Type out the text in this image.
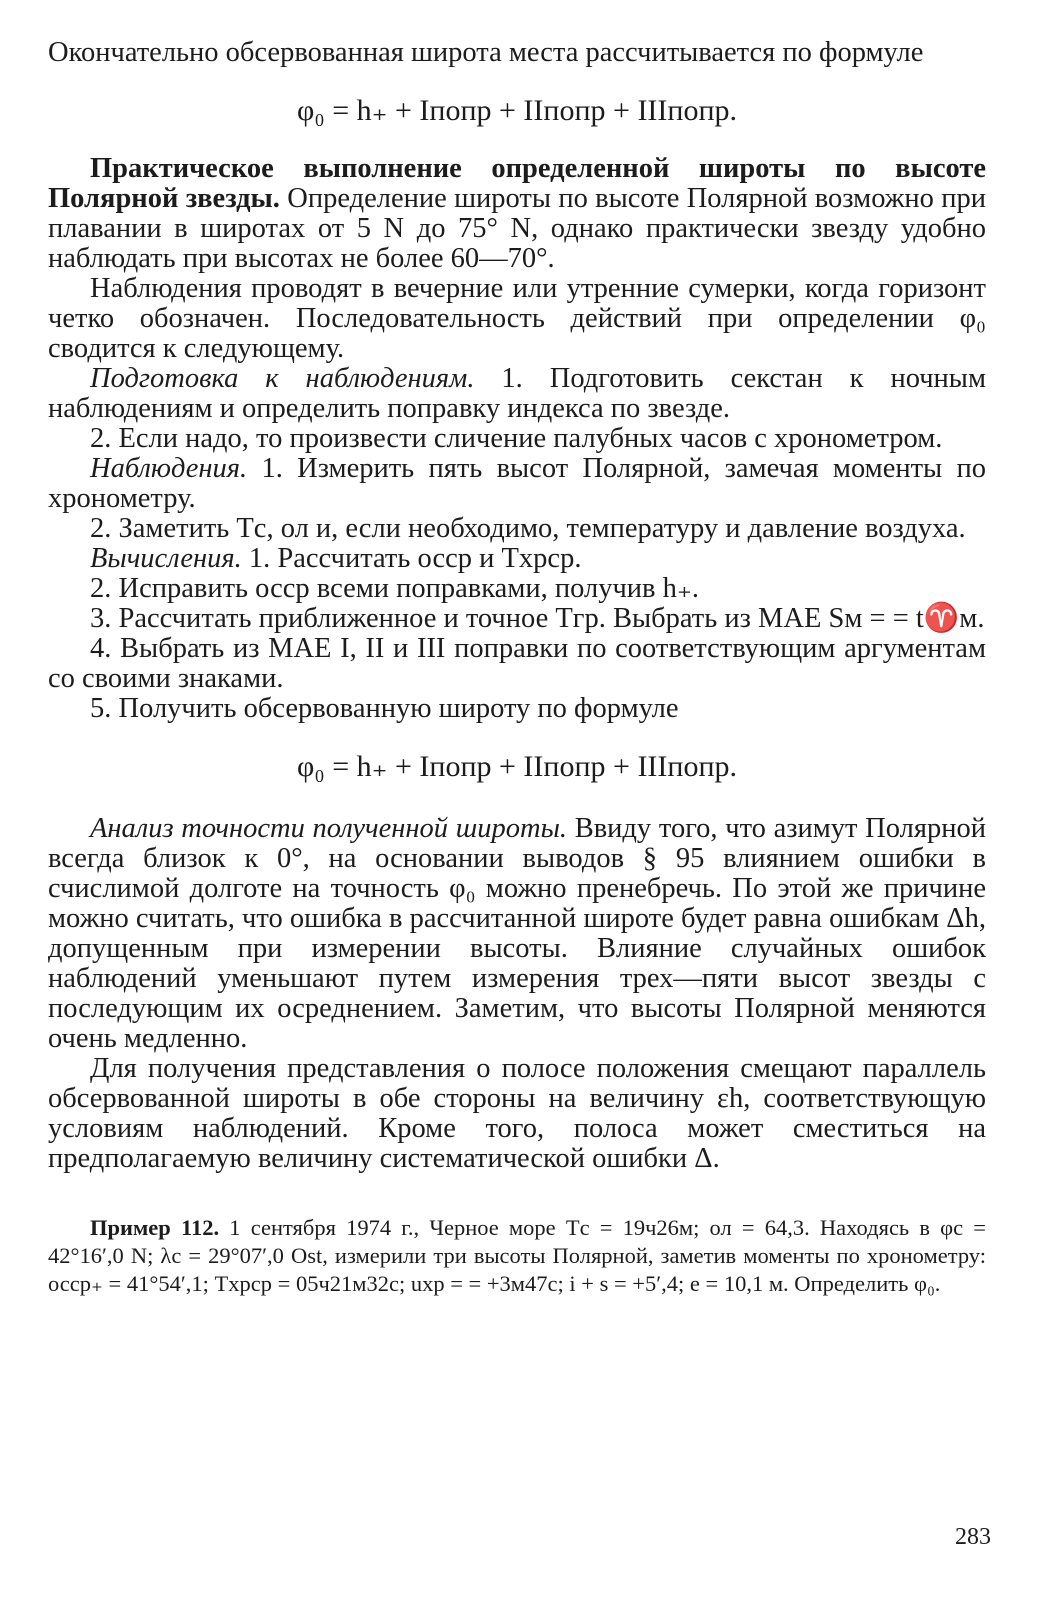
Окончательно обсервованная широта места рассчитывается по формуле

φ₀ = h₊ + Iпопр + IIпопр + IIIпопр.

Практическое выполнение определенной широты по высоте Полярной звезды. Определение широты по высоте Полярной возможно при плавании в широтах от 5 N до 75° N, однако практически звезду удобно наблюдать при высотах не более 60—70°.

Наблюдения проводят в вечерние или утренние сумерки, когда горизонт четко обозначен. Последовательность действий при определении φ₀ сводится к следующему.

Подготовка к наблюдениям. 1. Подготовить секстан к ночным наблюдениям и определить поправку индекса по звезде.

2. Если надо, то произвести сличение палубных часов с хронометром.

Наблюдения. 1. Измерить пять высот Полярной, замечая моменты по хронометру.

2. Заметить Tс, ол и, если необходимо, температуру и давление воздуха.

Вычисления. 1. Рассчитать осср и Tхрср.

2. Исправить осср всеми поправками, получив h₊.

3. Рассчитать приближенное и точное Tгр. Выбрать из МАЕ Sм = = t♈м.

4. Выбрать из МАЕ I, II и III поправки по соответствующим аргументам со своими знаками.

5. Получить обсервованную широту по формуле

φ₀ = h₊ + Iпопр + IIпопр + IIIпопр.

Анализ точности полученной широты. Ввиду того, что азимут Полярной всегда близок к 0°, на основании выводов § 95 влиянием ошибки в счислимой долготе на точность φ₀ можно пренебречь. По этой же причине можно считать, что ошибка в рассчитанной широте будет равна ошибкам Δh, допущенным при измерении высоты. Влияние случайных ошибок наблюдений уменьшают путем измерения трех—пяти высот звезды с последующим их осреднением. Заметим, что высоты Полярной меняются очень медленно.

Для получения представления о полосе положения смещают параллель обсервованной широты в обе стороны на величину εh, соответствующую условиям наблюдений. Кроме того, полоса может сместиться на предполагаемую величину систематической ошибки Δ.

Пример 112. 1 сентября 1974 г., Черное море Tс = 19ч26м; ол = 64,3. Находясь в φс = 42°16′,0 N; λс = 29°07′,0 Ost, измерили три высоты Полярной, заметив моменты по хронометру: осср₊ = 41°54′,1; Tхрср = 05ч21м32с; uхр = = +3м47с; i + s = +5′,4; e = 10,1 м. Определить φ₀.

283
